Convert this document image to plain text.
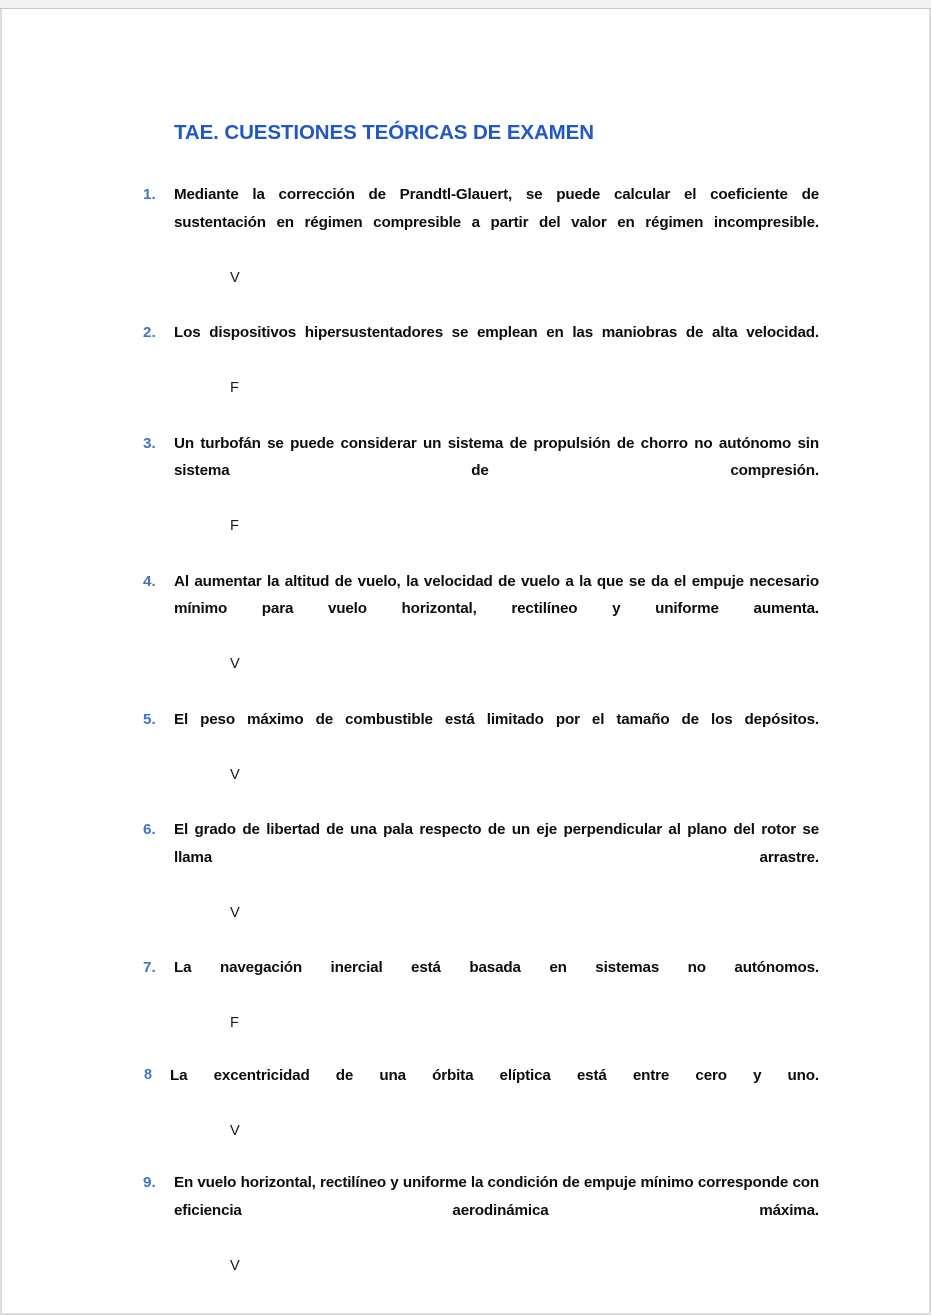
TAE. CUESTIONES TEÓRICAS DE EXAMEN
1.	Mediante la corrección de Prandtl-Glauert, se puede calcular el coeficiente de sustentación en régimen compresible a partir del valor en régimen incompresible.
V
2.	Los dispositivos hipersustentadores se emplean en las maniobras de alta velocidad.
F
3.	Un turbofán se puede considerar un sistema de propulsión de chorro no autónomo sin sistema de compresión.
F
4.	Al aumentar la altitud de vuelo, la velocidad de vuelo a la que se da el empuje necesario mínimo para vuelo horizontal, rectilíneo y uniforme aumenta.
V
5.	El peso máximo de combustible está limitado por el tamaño de los depósitos.
V
6.	El grado de libertad de una pala respecto de un eje perpendicular al plano del rotor se llama arrastre.
V
7.	La navegación inercial está basada en sistemas no autónomos.
F
8	La excentricidad de una órbita elíptica está entre cero y uno.
V
9.	En vuelo horizontal, rectilíneo y uniforme la condición de empuje mínimo corresponde con eficiencia aerodinámica máxima.
V
